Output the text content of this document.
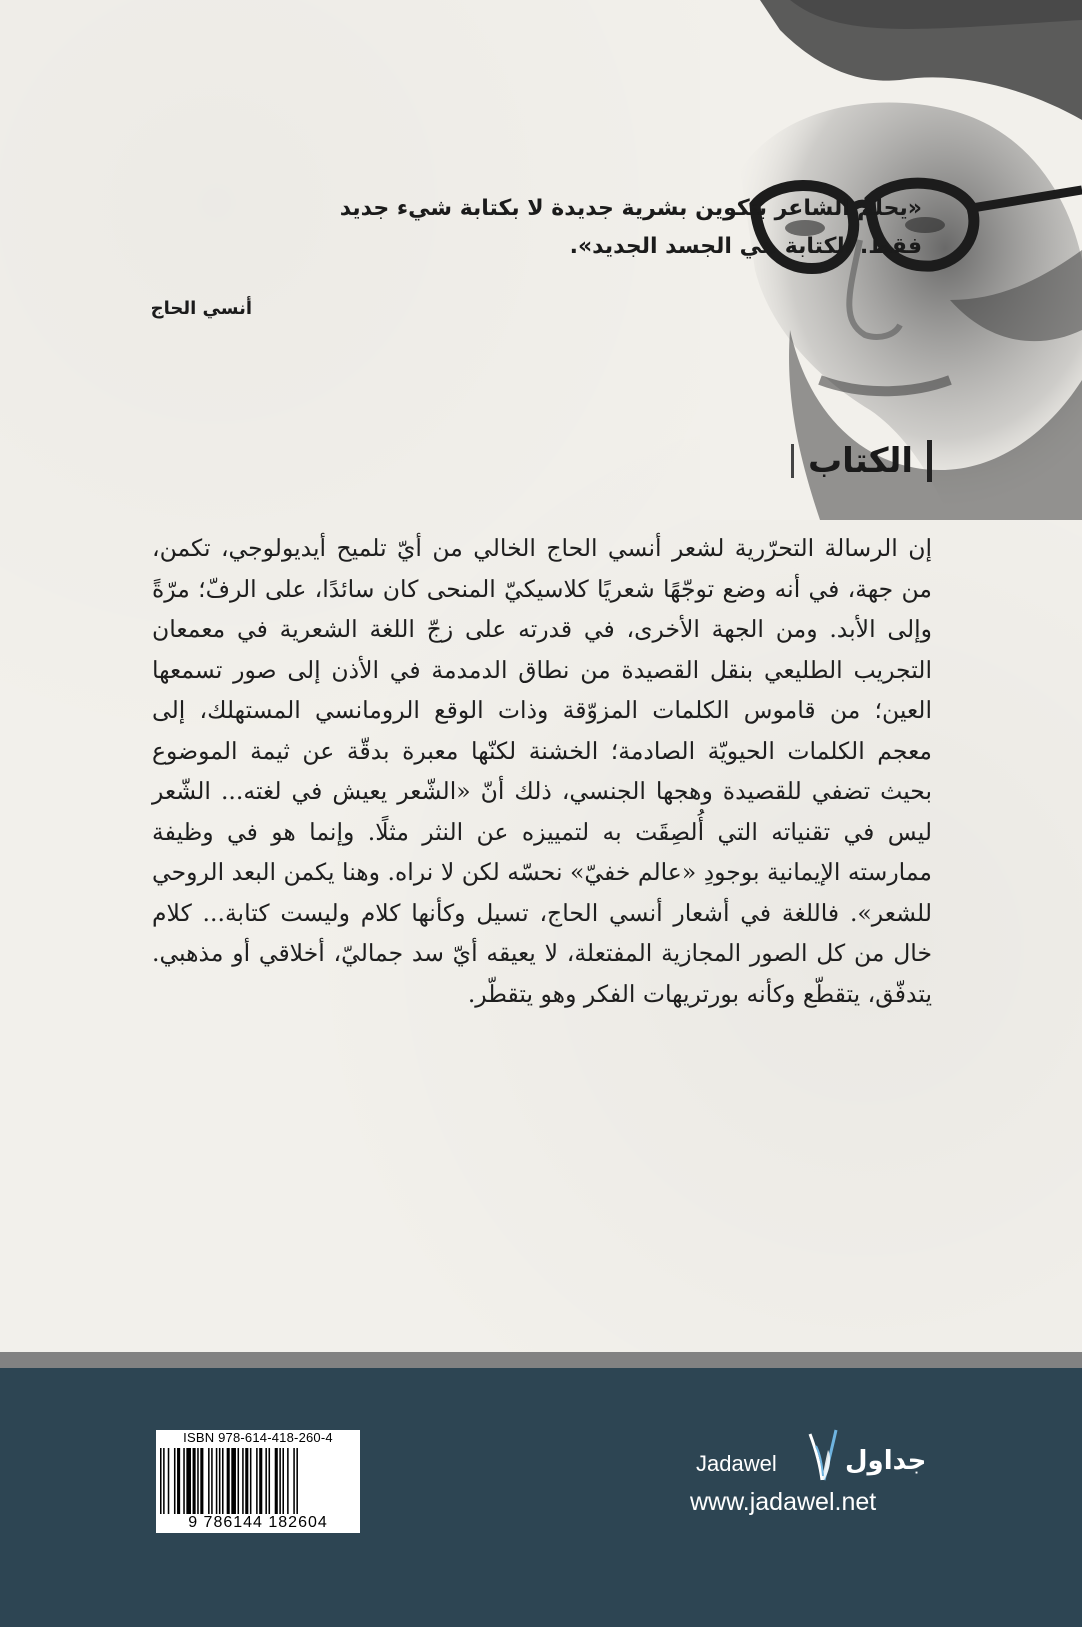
«يحلم الشاعر بتكوين بشرية جديدة لا بكتابة شيء جديد
فقط. الكتابة هي الجسد الجديد».
أنسي الحاج
الكتاب

إن الرسالة التحرّرية لشعر أنسي الحاج الخالي من أيّ تلميح أيديولوجي، تكمن، من جهة، في أنه وضع توجّهًا شعريًا كلاسيكيّ المنحى كان سائدًا، على الرفّ؛ مرّةً وإلى الأبد. ومن الجهة الأخرى، في قدرته على زجّ اللغة الشعرية في معمعان التجريب الطليعي بنقل القصيدة من نطاق الدمدمة في الأذن إلى صور تسمعها العين؛ من قاموس الكلمات المزوّقة وذات الوقع الرومانسي المستهلك، إلى معجم الكلمات الحيويّة الصادمة؛ الخشنة لكنّها معبرة بدقّة عن ثيمة الموضوع بحيث تضفي للقصيدة وهجها الجنسي، ذلك أنّ «الشّعر يعيش في لغته... الشّعر ليس في تقنياته التي أُلصِقَت به لتمييزه عن النثر مثلًا. وإنما هو في وظيفة ممارسته الإيمانية بوجودِ «عالم خفيّ» نحسّه لكن لا نراه. وهنا يكمن البعد الروحي للشعر». فاللغة في أشعار أنسي الحاج، تسيل وكأنها كلام وليست كتابة... كلام خال من كل الصور المجازية المفتعلة، لا يعيقه أيّ سد جماليّ، أخلاقي أو مذهبي. يتدفّق، يتقطّع وكأنه بورتريهات الفكر وهو يتقطّر.

ISBN 978-614-418-260-4
9 786144 182604
Jadawel	جداول
www.jadawel.net
